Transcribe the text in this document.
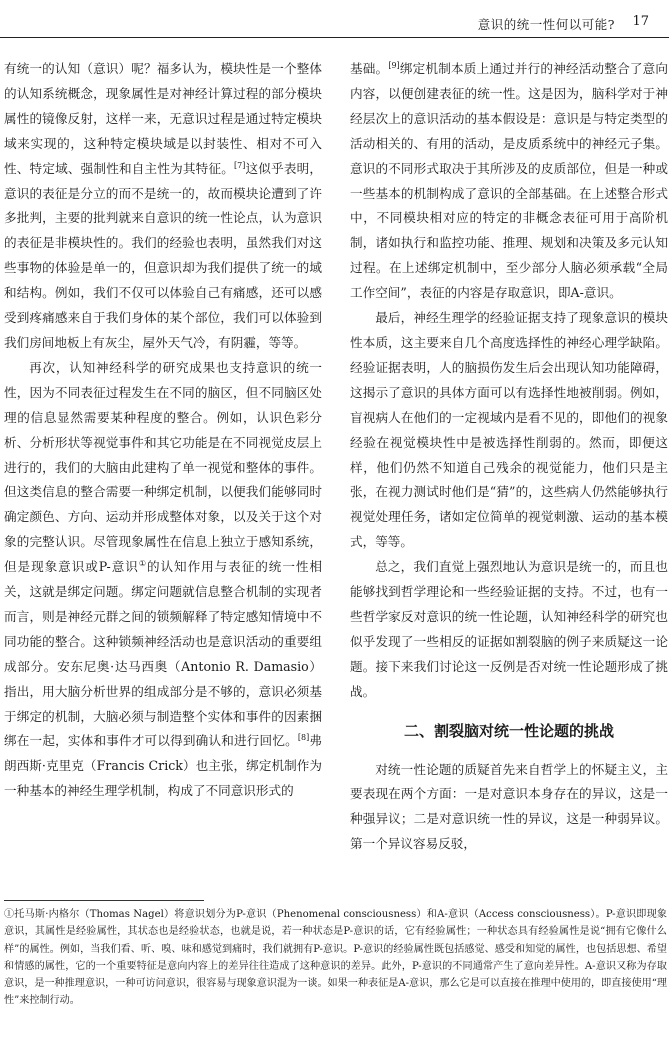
意识的统一性何以可能? 17

有统一的认知（意识）呢？福多认为，模块性是一个整体的认知系统概念，现象属性是对神经计算过程的部分模块属性的镜像反射，这样一来，无意识过程是通过特定模块域来实现的，这种特定模块域是以封装性、相对不可入性、特定域、强制性和自主性为其特征。[7]这似乎表明，意识的表征是分立的而不是统一的，故而模块论遭到了许多批判，主要的批判就来自意识的统一性论点，认为意识的表征是非模块性的。我们的经验也表明，虽然我们对这些事物的体验是单一的，但意识却为我们提供了统一的域和结构。例如，我们不仅可以体验自己有痛感，还可以感受到疼痛感来自于我们身体的某个部位，我们可以体验到我们房间地板上有灰尘，屋外天气冷，有阴霾，等等。

再次，认知神经科学的研究成果也支持意识的统一性，因为不同表征过程发生在不同的脑区，但不同脑区处理的信息显然需要某种程度的整合。例如，认识色彩分析、分析形状等视觉事件和其它功能是在不同视觉皮层上进行的，我们的大脑由此建构了单一视觉和整体的事件。但这类信息的整合需要一种绑定机制，以便我们能够同时确定颜色、方向、运动并形成整体对象，以及关于这个对象的完整认识。尽管现象属性在信息上独立于感知系统，但是现象意识或P-意识①的认知作用与表征的统一性相关，这就是绑定问题。绑定问题就信息整合机制的实现者而言，则是神经元群之间的锁频解释了特定感知情境中不同功能的整合。这种锁频神经活动也是意识活动的重要组成部分。安东尼奥·达马西奥（Antonio R. Damasio）指出，用大脑分析世界的组成部分是不够的，意识必须基于绑定的机制，大脑必须与制造整个实体和事件的因素捆绑在一起，实体和事件才可以得到确认和进行回忆。[8]弗朗西斯·克里克（Francis Crick）也主张，绑定机制作为一种基本的神经生理学机制，构成了不同意识形式的

基础。[9]绑定机制本质上通过并行的神经活动整合了意向内容，以便创建表征的统一性。这是因为，脑科学对于神经层次上的意识活动的基本假设是：意识是与特定类型的活动相关的、有用的活动，是皮质系统中的神经元子集。意识的不同形式取决于其所涉及的皮质部位，但是一种或一些基本的机制构成了意识的全部基础。在上述整合形式中，不同模块相对应的特定的非概念表征可用于高阶机制，诸如执行和监控功能、推理、规划和决策及多元认知过程。在上述绑定机制中，至少部分人脑必须承载“全局工作空间”，表征的内容是存取意识，即A-意识。

最后，神经生理学的经验证据支持了现象意识的模块性本质，这主要来自几个高度选择性的神经心理学缺陷。经验证据表明，人的脑损伤发生后会出现认知功能障碍，这揭示了意识的具体方面可以有选择性地被削弱。例如，盲视病人在他们的一定视域内是看不见的，即他们的视象经验在视觉模块性中是被选择性削弱的。然而，即便这样，他们仍然不知道自己残余的视觉能力，他们只是主张，在视力测试时他们是“猜”的，这些病人仍然能够执行视觉处理任务，诸如定位简单的视觉刺激、运动的基本模式，等等。

总之，我们直觉上强烈地认为意识是统一的，而且也能够找到哲学理论和一些经验证据的支持。不过，也有一些哲学家反对意识的统一性论题，认知神经科学的研究也似乎发现了一些相反的证据如割裂脑的例子来质疑这一论题。接下来我们讨论这一反例是否对统一性论题形成了挑战。

二、割裂脑对统一性论题的挑战

对统一性论题的质疑首先来自哲学上的怀疑主义，主要表现在两个方面：一是对意识本身存在的异议，这是一种强异议；二是对意识统一性的异议，这是一种弱异议。第一个异议容易反驳，

①托马斯·内格尔（Thomas Nagel）将意识划分为P-意识（Phenomenal consciousness）和A-意识（Access consciousness）。P-意识即现象意识，其属性是经验属性，其状态也是经验状态，也就是说，若一种状态是P-意识的话，它有经验属性；一种状态具有经验属性是说“拥有它像什么样”的属性。例如，当我们看、听、嗅、味和感觉到痛时，我们就拥有P-意识。P-意识的经验属性既包括感觉、感受和知觉的属性，也包括思想、希望和情感的属性，它的一个重要特征是意向内容上的差异往往造成了这种意识的差异。此外，P-意识的不同通常产生了意向差异性。A-意识又称为存取意识，是一种推理意识，一种可访问意识，很容易与现象意识混为一谈。如果一种表征是A-意识，那么它是可以直接在推理中使用的，即直接使用“理性”来控制行动。
